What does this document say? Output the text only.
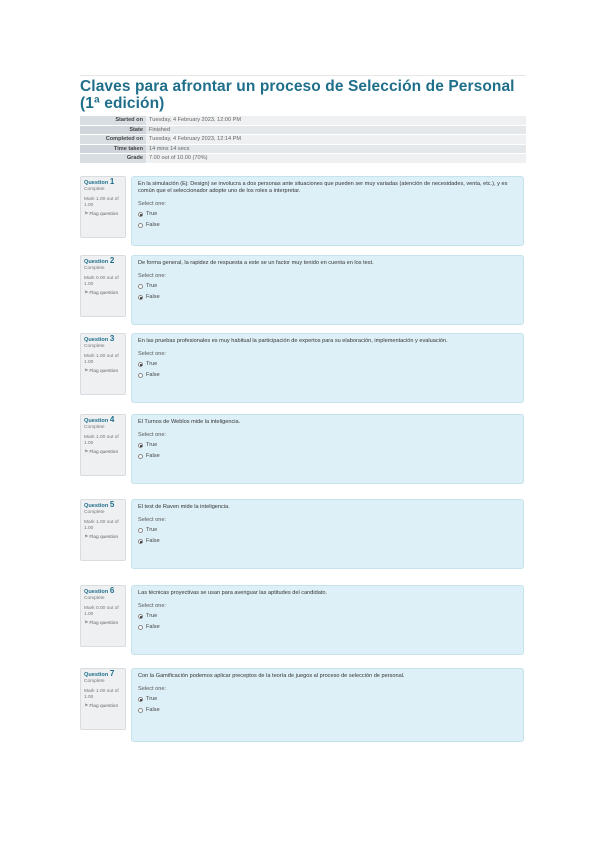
Claves para afrontar un proceso de Selección de Personal (1ª edición)
Started on	Tuesday, 4 February 2023, 12:00 PM
State	Finished
Completed on	Tuesday, 4 February 2023, 12:14 PM
Time taken	14 mins 14 secs
Grade	7.00 out of 10.00 (70%)
Question 1
Complete
Mark 1.00 out of 1.00
⚑Flag question
En la simulación (Ej: Design) se involucra a dos personas ante situaciones que pueden ser muy variadas (atención de necesidades, venta, etc.), y es común que el seleccionador adopte uno de los roles a interpretar.
Select one:
True
False
Question 2
Complete
Mark 0.00 out of 1.00
⚑Flag question
De forma general, la rapidez de respuesta a este se un factor muy tenido en cuenta en los test.
Select one:
True
False
Question 3
Complete
Mark 1.00 out of 1.00
⚑Flag question
En las pruebas profesionales es muy habitual la participación de expertos para su elaboración, implementación y evaluación.
Select one:
True
False
Question 4
Complete
Mark 1.00 out of 1.00
⚑Flag question
El Turnos de Weblos mide la inteligencia.
Select one:
True
False
Question 5
Complete
Mark 1.00 out of 1.00
⚑Flag question
El test de Raven mide la inteligencia.
Select one:
True
False
Question 6
Complete
Mark 0.00 out of 1.00
⚑Flag question
Las técnicas proyectivas se usan para averiguar las aptitudes del candidato.
Select one:
True
False
Question 7
Complete
Mark 1.00 out of 1.00
⚑Flag question
Con la Gamificación podemos aplicar preceptos de la teoría de juegos al proceso de selección de personal.
Select one:
True
False
